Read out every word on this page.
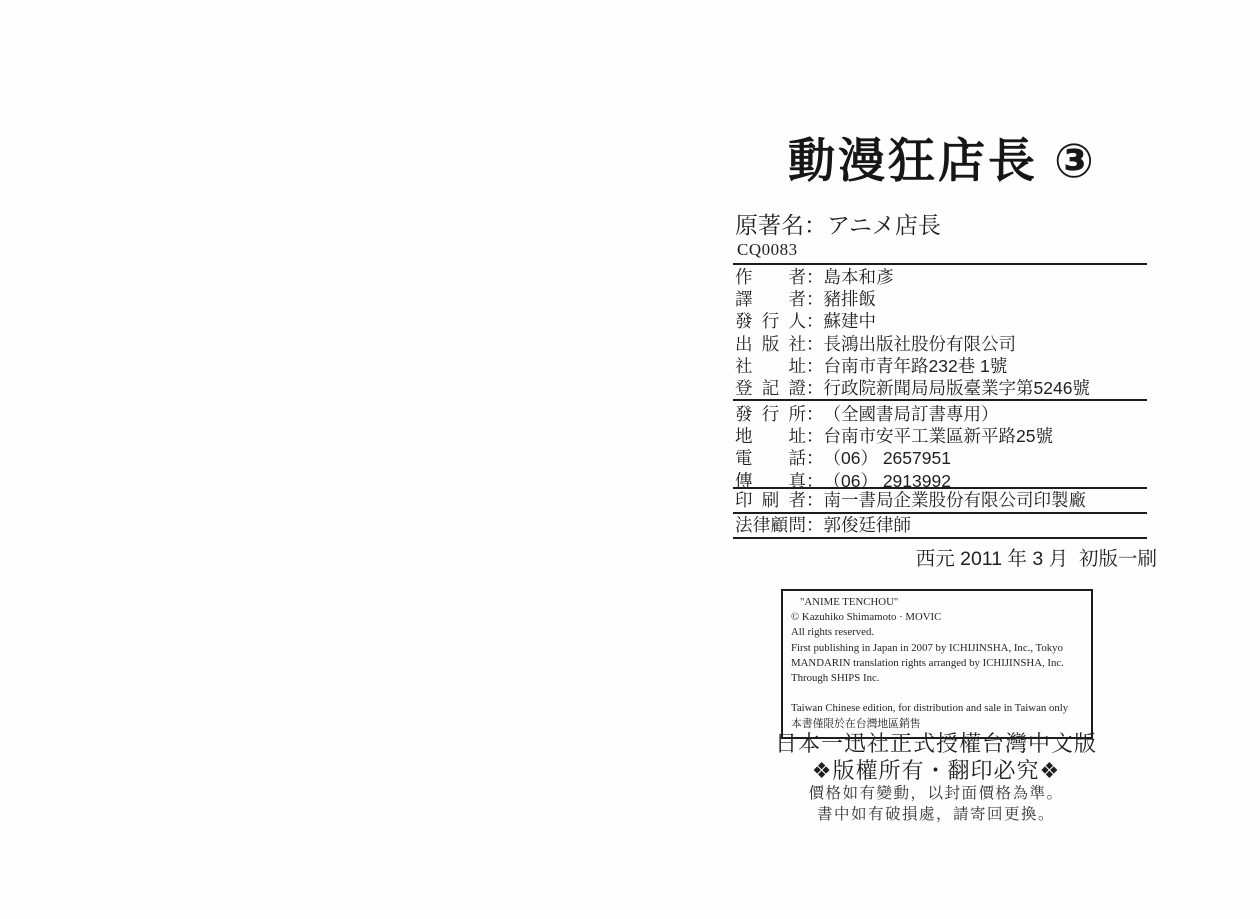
動漫狂店長 ③
原著名：アニメ店長
CQ0083
作者 ： 島本和彥
譯者 ： 豬排飯
發行人 ： 蘇建中
出版社 ： 長鴻出版社股份有限公司
社址 ： 台南市青年路232巷 1號
登記證 ： 行政院新聞局局版臺業字第5246號
發行所 ： （全國書局訂書專用）
地址 ： 台南市安平工業區新平路25號
電話 ： （06） 2657951
傳真 ： （06） 2913992
印刷者 ： 南一書局企業股份有限公司印製廠
法律顧問 ： 郭俊廷律師
西元 2011 年 3 月  初版一刷
"ANIME TENCHOU"
© Kazuhiko Shimamoto · MOVIC
All rights reserved.
First publishing in Japan in 2007 by ICHIJINSHA, Inc., Tokyo
MANDARIN translation rights arranged by ICHIJINSHA, Inc.
Through SHIPS Inc.
Taiwan Chinese edition, for distribution and sale in Taiwan only
本書僅限於在台灣地區銷售
日本一迅社正式授權台灣中文版
❖版權所有・翻印必究❖
價格如有變動，以封面價格為準。
書中如有破損處，請寄回更換。
